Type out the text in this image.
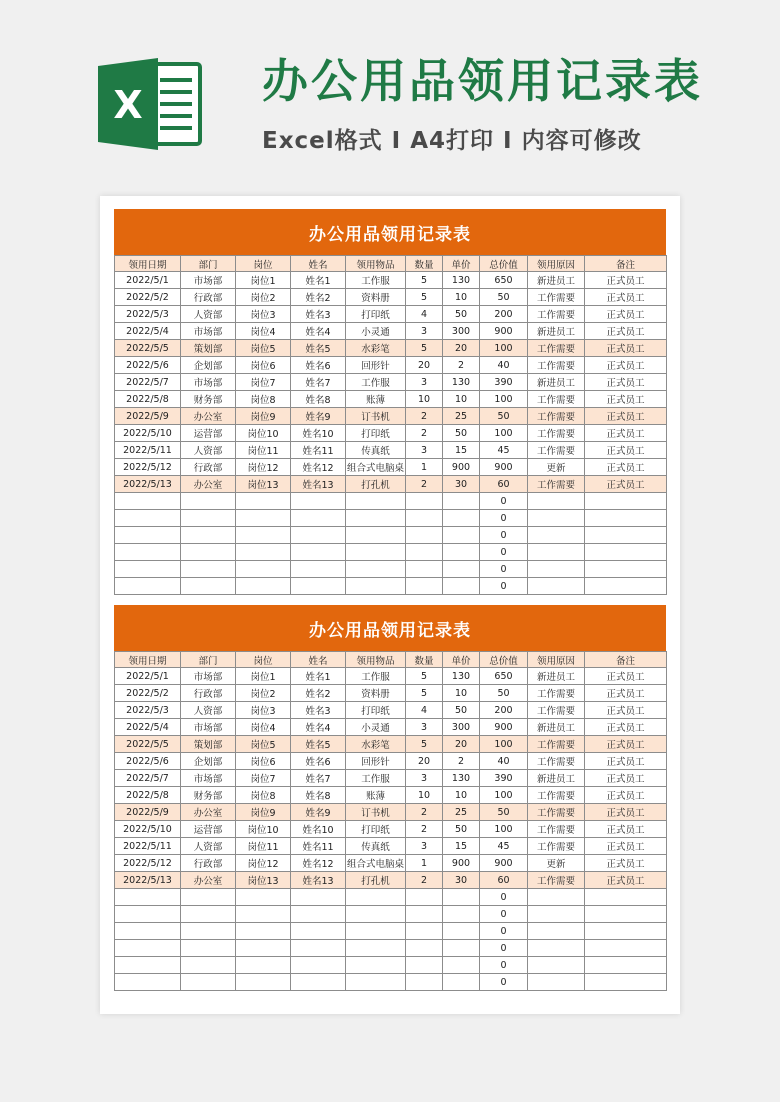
X	办公用品领用记录表
Excel格式 I A4打印 I 内容可修改
办公用品领用记录表
领用日期	部门	岗位	姓名	领用物品	数量	单价	总价值	领用原因	备注
2022/5/1	市场部	岗位1	姓名1	工作服	5	130	650	新进员工	正式员工
2022/5/2	行政部	岗位2	姓名2	资料册	5	10	50	工作需要	正式员工
2022/5/3	人资部	岗位3	姓名3	打印纸	4	50	200	工作需要	正式员工
2022/5/4	市场部	岗位4	姓名4	小灵通	3	300	900	新进员工	正式员工
2022/5/5	策划部	岗位5	姓名5	水彩笔	5	20	100	工作需要	正式员工
2022/5/6	企划部	岗位6	姓名6	回形针	20	2	40	工作需要	正式员工
2022/5/7	市场部	岗位7	姓名7	工作服	3	130	390	新进员工	正式员工
2022/5/8	财务部	岗位8	姓名8	账薄	10	10	100	工作需要	正式员工
2022/5/9	办公室	岗位9	姓名9	订书机	2	25	50	工作需要	正式员工
2022/5/10	运营部	岗位10	姓名10	打印纸	2	50	100	工作需要	正式员工
2022/5/11	人资部	岗位11	姓名11	传真纸	3	15	45	工作需要	正式员工
2022/5/12	行政部	岗位12	姓名12	组合式电脑桌	1	900	900	更新	正式员工
2022/5/13	办公室	岗位13	姓名13	打孔机	2	30	60	工作需要	正式员工
							0		
							0		
							0		
							0		
							0		
							0		
办公用品领用记录表
领用日期	部门	岗位	姓名	领用物品	数量	单价	总价值	领用原因	备注
2022/5/1	市场部	岗位1	姓名1	工作服	5	130	650	新进员工	正式员工
2022/5/2	行政部	岗位2	姓名2	资料册	5	10	50	工作需要	正式员工
2022/5/3	人资部	岗位3	姓名3	打印纸	4	50	200	工作需要	正式员工
2022/5/4	市场部	岗位4	姓名4	小灵通	3	300	900	新进员工	正式员工
2022/5/5	策划部	岗位5	姓名5	水彩笔	5	20	100	工作需要	正式员工
2022/5/6	企划部	岗位6	姓名6	回形针	20	2	40	工作需要	正式员工
2022/5/7	市场部	岗位7	姓名7	工作服	3	130	390	新进员工	正式员工
2022/5/8	财务部	岗位8	姓名8	账薄	10	10	100	工作需要	正式员工
2022/5/9	办公室	岗位9	姓名9	订书机	2	25	50	工作需要	正式员工
2022/5/10	运营部	岗位10	姓名10	打印纸	2	50	100	工作需要	正式员工
2022/5/11	人资部	岗位11	姓名11	传真纸	3	15	45	工作需要	正式员工
2022/5/12	行政部	岗位12	姓名12	组合式电脑桌	1	900	900	更新	正式员工
2022/5/13	办公室	岗位13	姓名13	打孔机	2	30	60	工作需要	正式员工
							0		
							0		
							0		
							0		
							0		
							0		
